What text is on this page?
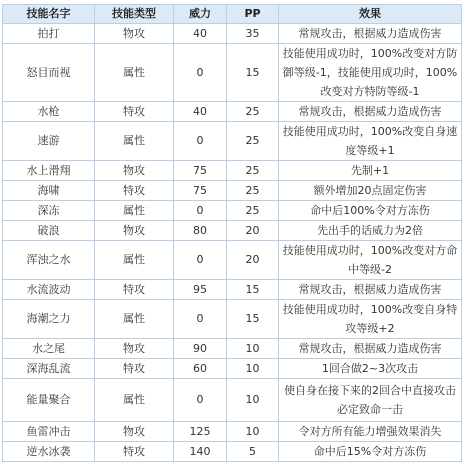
技能名字	技能类型	威力	PP	效果
拍打	物攻	40	35	常规攻击，根据威力造成伤害
怒目而视	属性	0	15	技能使用成功时，100%改变对方防御等级-1，技能使用成功时，100%改变对方特防等级-1
水枪	特攻	40	25	常规攻击，根据威力造成伤害
速游	属性	0	25	技能使用成功时，100%改变自身速度等级+1
水上滑翔	物攻	75	25	先制+1
海啸	特攻	75	25	额外增加20点固定伤害
深冻	属性	0	25	命中后100%令对方冻伤
破浪	物攻	80	20	先出手的话威力为2倍
浑浊之水	属性	0	20	技能使用成功时，100%改变对方命中等级-2
水流波动	特攻	95	15	常规攻击，根据威力造成伤害
海潮之力	属性	0	15	技能使用成功时，100%改变自身特攻等级+2
水之尾	物攻	90	10	常规攻击，根据威力造成伤害
深海乱流	特攻	60	10	1回合做2~3次攻击
能量聚合	属性	0	10	使自身在接下来的2回合中直接攻击必定致命一击
鱼雷冲击	物攻	125	10	令对方所有能力增强效果消失
逆水冰袭	特攻	140	5	命中后15%令对方冻伤
